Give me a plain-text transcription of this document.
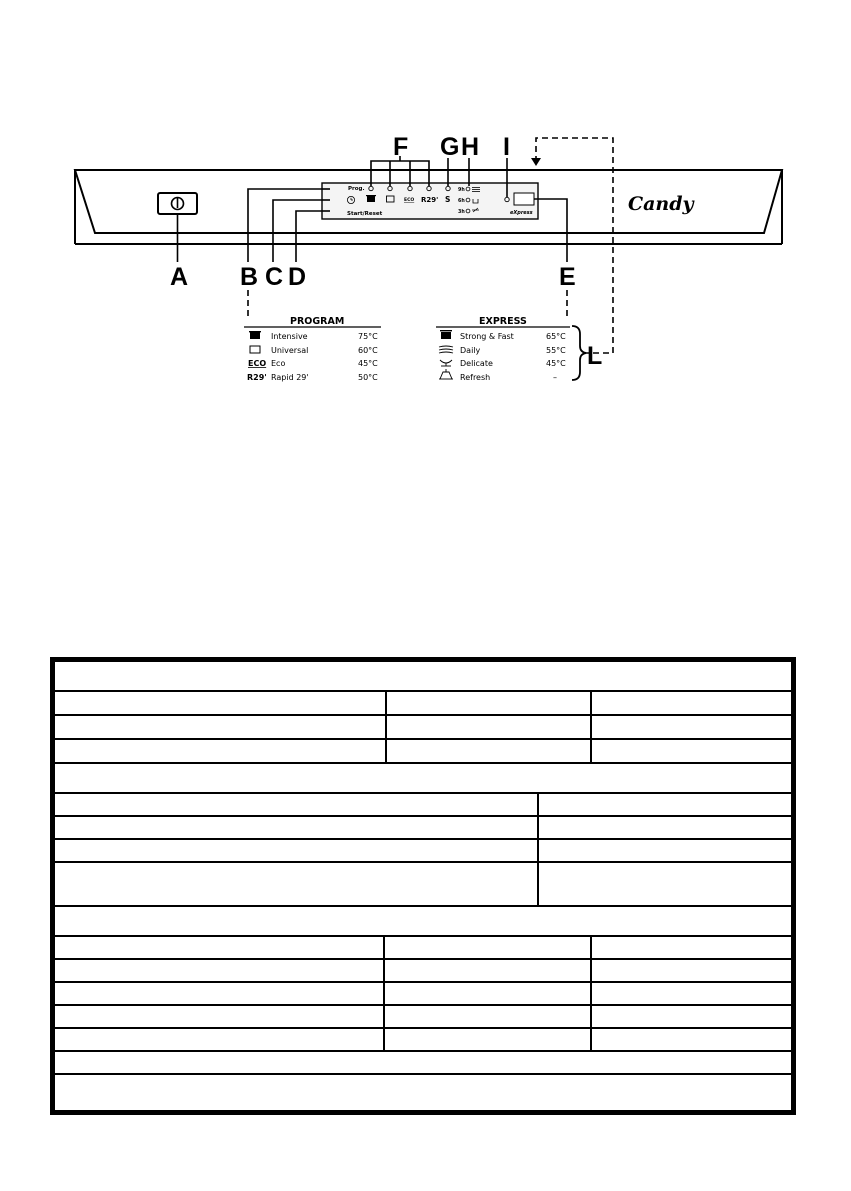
Prog.
Start/Reset
ECO R29' S
9h
6h
3h	eXpress	Candy
A B C D	E
F G H I
L
PROGRAM
Intensive	75°C
Universal	60°C
ECO Eco	45°C
R29' Rapid 29'	50°C
EXPRESS
Strong & Fast	65°C
Daily	55°C
Delicate	45°C
Refresh	–
